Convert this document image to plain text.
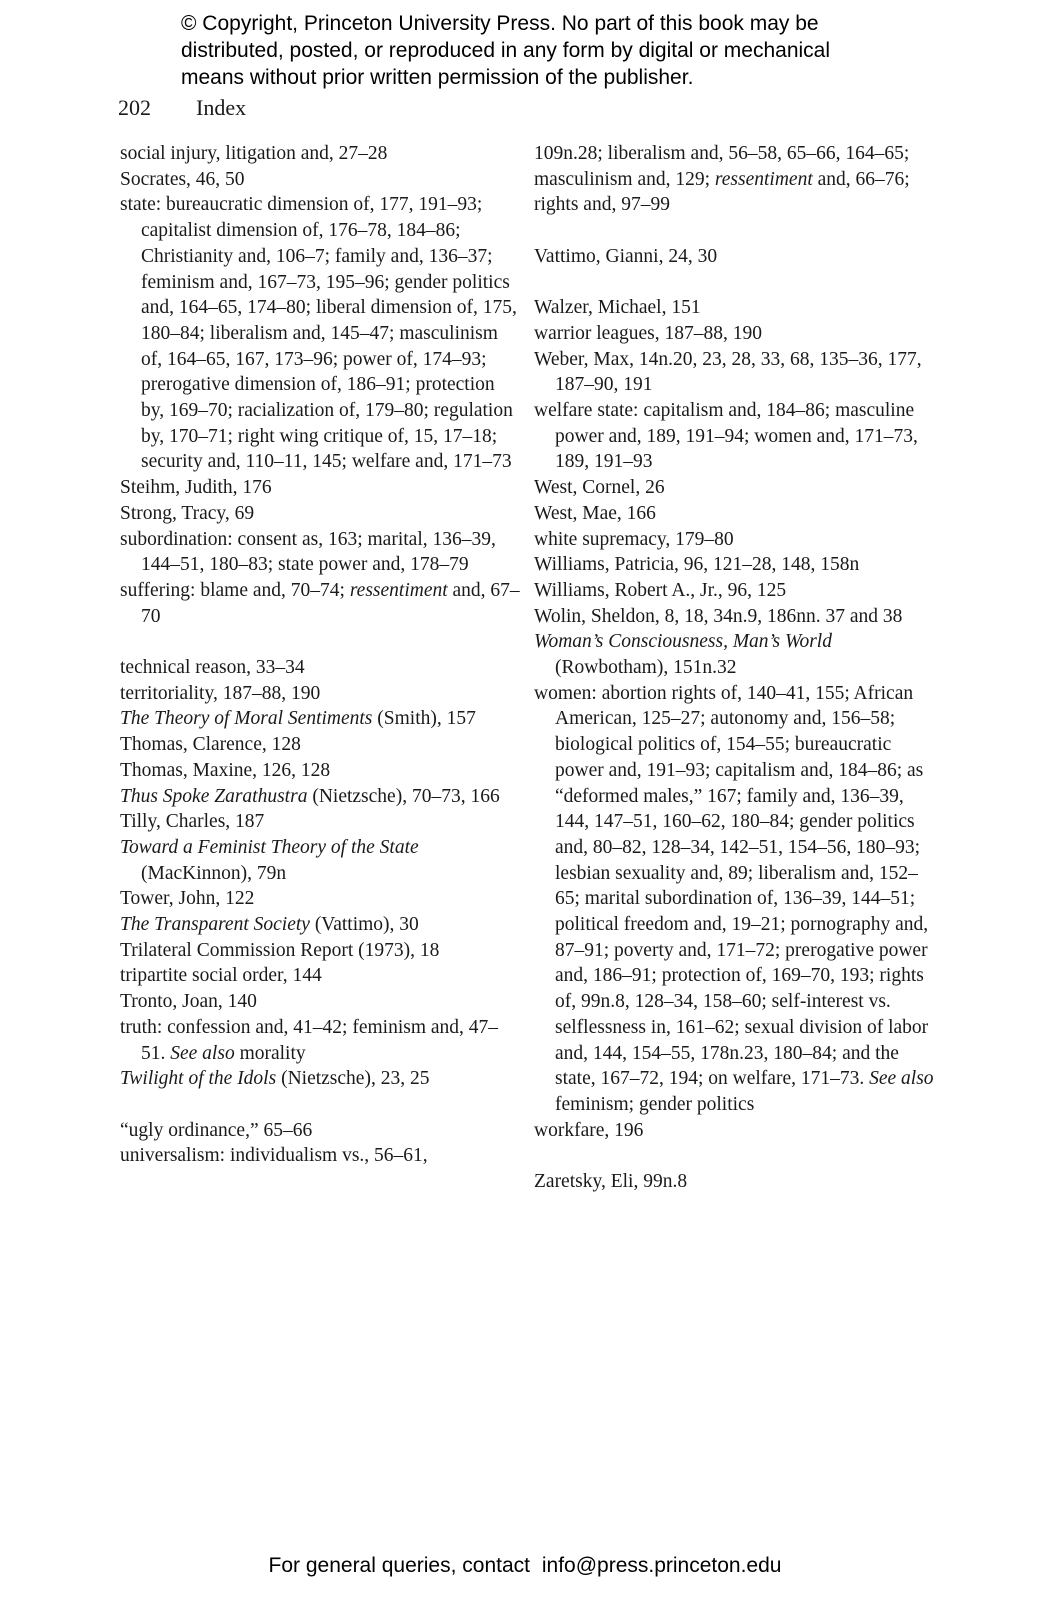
© Copyright, Princeton University Press. No part of this book may be
distributed, posted, or reproduced in any form by digital or mechanical
means without prior written permission of the publisher.
202 Index
social injury, litigation and, 27–28
Socrates, 46, 50
state: bureaucratic dimension of, 177, 191–93; capitalist dimension of, 176–78, 184–86; Christianity and, 106–7; family and, 136–37; feminism and, 167–73, 195–96; gender politics and, 164–65, 174–80; liberal dimension of, 175, 180–84; liberalism and, 145–47; masculinism of, 164–65, 167, 173–96; power of, 174–93; prerogative dimension of, 186–91; protection by, 169–70; racialization of, 179–80; regulation by, 170–71; right wing critique of, 15, 17–18; security and, 110–11, 145; welfare and, 171–73
Steihm, Judith, 176
Strong, Tracy, 69
subordination: consent as, 163; marital, 136–39, 144–51, 180–83; state power and, 178–79
suffering: blame and, 70–74; ressentiment and, 67–70
technical reason, 33–34
territoriality, 187–88, 190
The Theory of Moral Sentiments (Smith), 157
Thomas, Clarence, 128
Thomas, Maxine, 126, 128
Thus Spoke Zarathustra (Nietzsche), 70–73, 166
Tilly, Charles, 187
Toward a Feminist Theory of the State (MacKinnon), 79n
Tower, John, 122
The Transparent Society (Vattimo), 30
Trilateral Commission Report (1973), 18
tripartite social order, 144
Tronto, Joan, 140
truth: confession and, 41–42; feminism and, 47–51. See also morality
Twilight of the Idols (Nietzsche), 23, 25
“ugly ordinance,” 65–66
universalism: individualism vs., 56–61,
109n.28; liberalism and, 56–58, 65–66, 164–65; masculinism and, 129; ressentiment and, 66–76; rights and, 97–99
Vattimo, Gianni, 24, 30
Walzer, Michael, 151
warrior leagues, 187–88, 190
Weber, Max, 14n.20, 23, 28, 33, 68, 135–36, 177, 187–90, 191
welfare state: capitalism and, 184–86; masculine power and, 189, 191–94; women and, 171–73, 189, 191–93
West, Cornel, 26
West, Mae, 166
white supremacy, 179–80
Williams, Patricia, 96, 121–28, 148, 158n
Williams, Robert A., Jr., 96, 125
Wolin, Sheldon, 8, 18, 34n.9, 186nn. 37 and 38
Woman’s Consciousness, Man’s World (Rowbotham), 151n.32
women: abortion rights of, 140–41, 155; African American, 125–27; autonomy and, 156–58; biological politics of, 154–55; bureaucratic power and, 191–93; capitalism and, 184–86; as “deformed males,” 167; family and, 136–39, 144, 147–51, 160–62, 180–84; gender politics and, 80–82, 128–34, 142–51, 154–56, 180–93; lesbian sexuality and, 89; liberalism and, 152–65; marital subordination of, 136–39, 144–51; political freedom and, 19–21; pornography and, 87–91; poverty and, 171–72; prerogative power and, 186–91; protection of, 169–70, 193; rights of, 99n.8, 128–34, 158–60; self-interest vs. selflessness in, 161–62; sexual division of labor and, 144, 154–55, 178n.23, 180–84; and the state, 167–72, 194; on welfare, 171–73. See also feminism; gender politics
workfare, 196
Zaretsky, Eli, 99n.8
For general queries, contact info@press.princeton.edu
